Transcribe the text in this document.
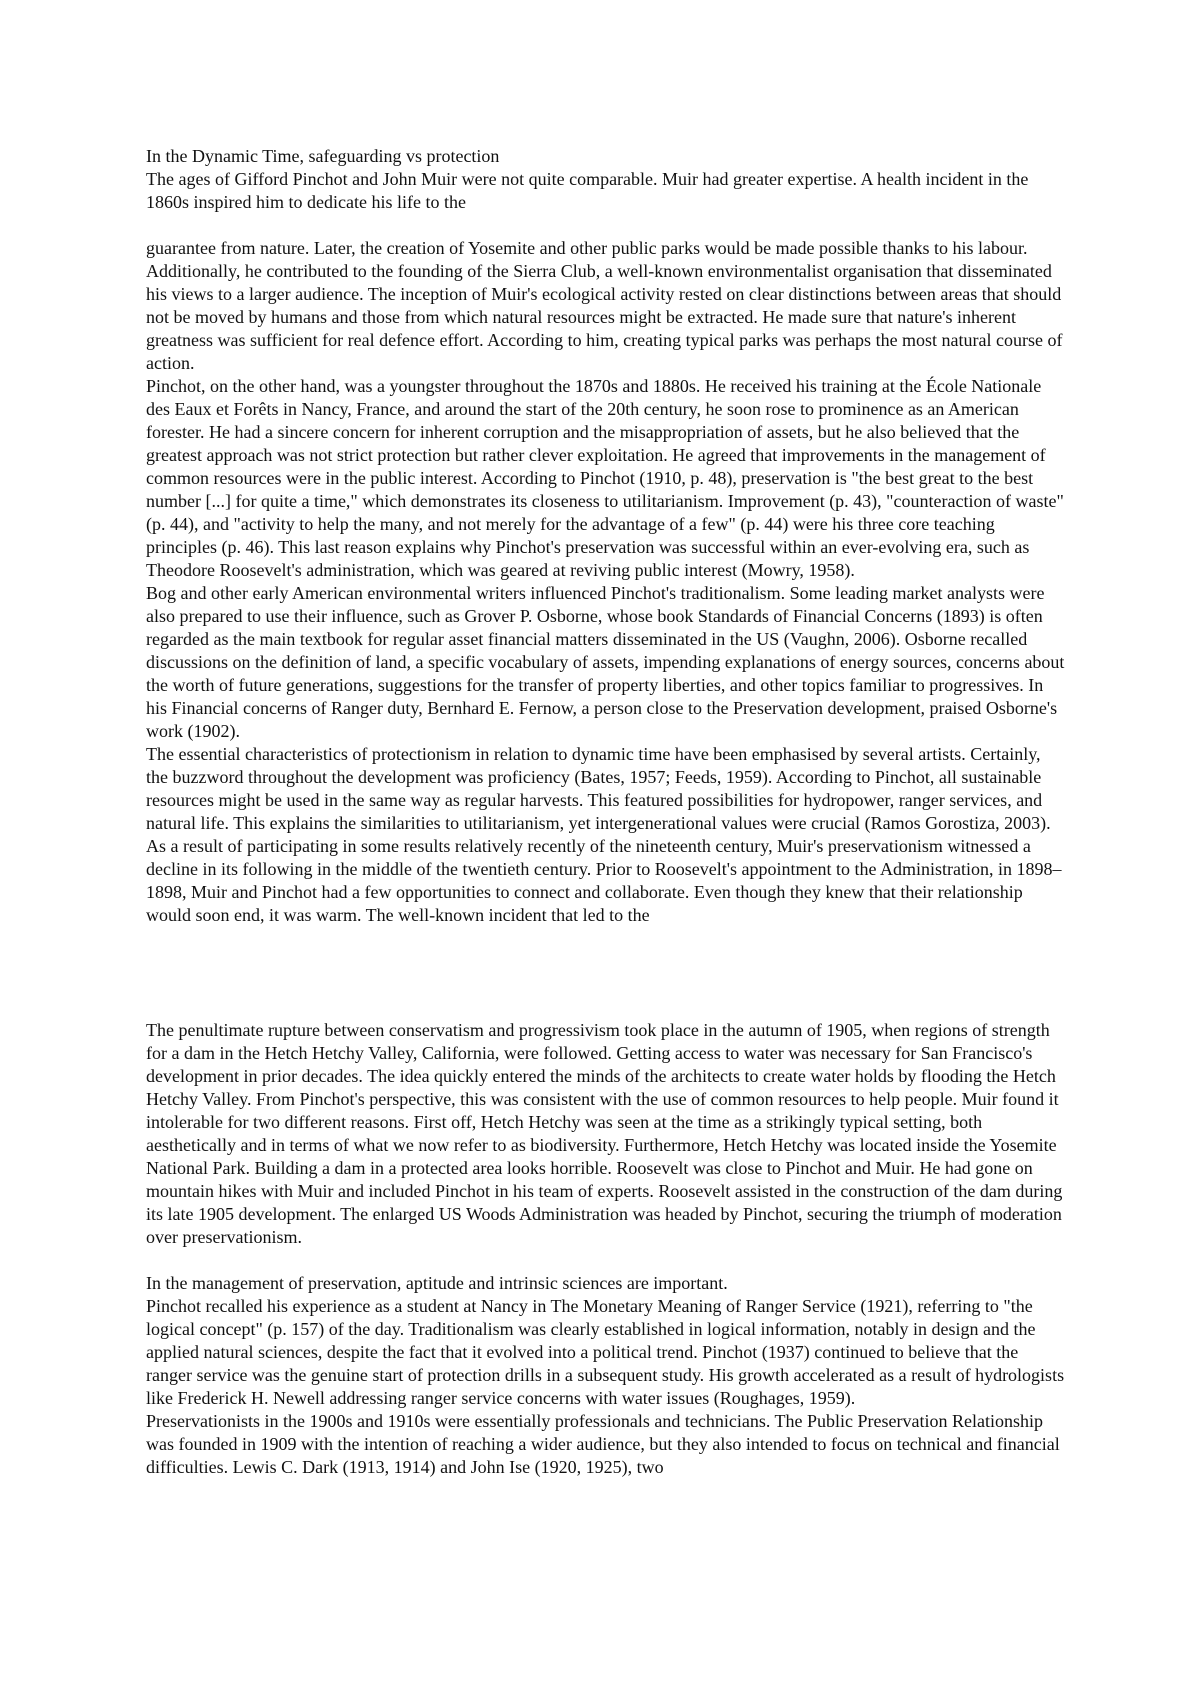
In the Dynamic Time, safeguarding vs protection

The ages of Gifford Pinchot and John Muir were not quite comparable. Muir had greater expertise. A health incident in the 1860s inspired him to dedicate his life to the

guarantee from nature. Later, the creation of Yosemite and other public parks would be made possible thanks to his labour. Additionally, he contributed to the founding of the Sierra Club, a well-known environmentalist organisation that disseminated his views to a larger audience. The inception of Muir's ecological activity rested on clear distinctions between areas that should not be moved by humans and those from which natural resources might be extracted. He made sure that nature's inherent greatness was sufficient for real defence effort. According to him, creating typical parks was perhaps the most natural course of action.

Pinchot, on the other hand, was a youngster throughout the 1870s and 1880s. He received his training at the École Nationale des Eaux et Forêts in Nancy, France, and around the start of the 20th century, he soon rose to prominence as an American forester. He had a sincere concern for inherent corruption and the misappropriation of assets, but he also believed that the greatest approach was not strict protection but rather clever exploitation. He agreed that improvements in the management of common resources were in the public interest. According to Pinchot (1910, p. 48), preservation is "the best great to the best number [...] for quite a time," which demonstrates its closeness to utilitarianism. Improvement (p. 43), "counteraction of waste" (p. 44), and "activity to help the many, and not merely for the advantage of a few" (p. 44) were his three core teaching principles (p. 46). This last reason explains why Pinchot's preservation was successful within an ever-evolving era, such as Theodore Roosevelt's administration, which was geared at reviving public interest (Mowry, 1958).

Bog and other early American environmental writers influenced Pinchot's traditionalism. Some leading market analysts were also prepared to use their influence, such as Grover P. Osborne, whose book Standards of Financial Concerns (1893) is often regarded as the main textbook for regular asset financial matters disseminated in the US (Vaughn, 2006). Osborne recalled discussions on the definition of land, a specific vocabulary of assets, impending explanations of energy sources, concerns about the worth of future generations, suggestions for the transfer of property liberties, and other topics familiar to progressives. In his Financial concerns of Ranger duty, Bernhard E. Fernow, a person close to the Preservation development, praised Osborne's work (1902).

The essential characteristics of protectionism in relation to dynamic time have been emphasised by several artists. Certainly, the buzzword throughout the development was proficiency (Bates, 1957; Feeds, 1959). According to Pinchot, all sustainable resources might be used in the same way as regular harvests. This featured possibilities for hydropower, ranger services, and natural life. This explains the similarities to utilitarianism, yet intergenerational values were crucial (Ramos Gorostiza, 2003).

As a result of participating in some results relatively recently of the nineteenth century, Muir's preservationism witnessed a decline in its following in the middle of the twentieth century. Prior to Roosevelt's appointment to the Administration, in 1898–1898, Muir and Pinchot had a few opportunities to connect and collaborate. Even though they knew that their relationship would soon end, it was warm. The well-known incident that led to the

The penultimate rupture between conservatism and progressivism took place in the autumn of 1905, when regions of strength for a dam in the Hetch Hetchy Valley, California, were followed. Getting access to water was necessary for San Francisco's development in prior decades. The idea quickly entered the minds of the architects to create water holds by flooding the Hetch Hetchy Valley. From Pinchot's perspective, this was consistent with the use of common resources to help people. Muir found it intolerable for two different reasons. First off, Hetch Hetchy was seen at the time as a strikingly typical setting, both aesthetically and in terms of what we now refer to as biodiversity. Furthermore, Hetch Hetchy was located inside the Yosemite National Park. Building a dam in a protected area looks horrible. Roosevelt was close to Pinchot and Muir. He had gone on mountain hikes with Muir and included Pinchot in his team of experts. Roosevelt assisted in the construction of the dam during its late 1905 development. The enlarged US Woods Administration was headed by Pinchot, securing the triumph of moderation over preservationism.

In the management of preservation, aptitude and intrinsic sciences are important.

Pinchot recalled his experience as a student at Nancy in The Monetary Meaning of Ranger Service (1921), referring to "the logical concept" (p. 157) of the day. Traditionalism was clearly established in logical information, notably in design and the applied natural sciences, despite the fact that it evolved into a political trend. Pinchot (1937) continued to believe that the ranger service was the genuine start of protection drills in a subsequent study. His growth accelerated as a result of hydrologists like Frederick H. Newell addressing ranger service concerns with water issues (Roughages, 1959).

Preservationists in the 1900s and 1910s were essentially professionals and technicians. The Public Preservation Relationship was founded in 1909 with the intention of reaching a wider audience, but they also intended to focus on technical and financial difficulties. Lewis C. Dark (1913, 1914) and John Ise (1920, 1925), two
